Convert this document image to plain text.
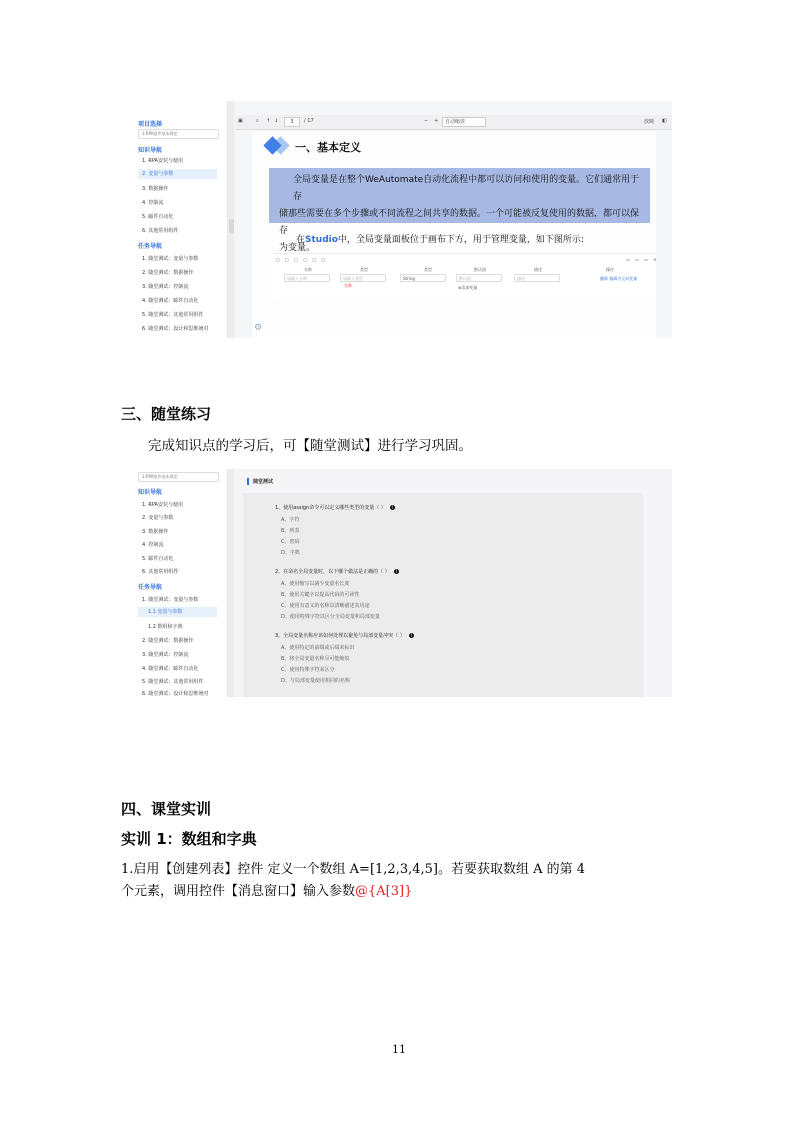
项目选择
3.RPA组件基本理论
知识导航
1. RPA安装与使用
2. 变量与参数
3. 数据操作
4. 控制流
5. 邮件自动化
6. 其他常用组件
任务导航
1. 随堂测试：变量与参数
2. 随堂测试：数据操作
3. 随堂测试：控制流
4. 随堂测试：邮件自动化
5. 随堂测试：其他常用组件
6. 随堂测试：设计和思维统对
▣	⌕ ↑ ↓	3	/ 17	− +	自动缩放	放映 ◧
一、基本定义
全局变量是在整个WeAutomate自动化流程中都可以访问和使用的变量。它们通常用于存
储那些需要在多个步骤或不同流程之间共享的数据。一个可能被反复使用的数据，都可以保存
为变量。
在Studio中，全局变量面板位于画布下方，用于管理变量，如下图所示:
▢ ▢ ▢ ▢ ▢ ▢	▭ ▭ ▭ ✕
名称	类型	类型	默认值	描述	操作
请输入名称	请输入类型	String	默认值	描述	删除 编辑为全局变量
名称	⊕ 添加变量
⚙
三、随堂练习
完成知识点的学习后，可【随堂测试】进行学习巩固。
3.RPA组件基本理论
知识导航
1. RPA安装与使用
2. 变量与参数
3. 数据操作
4. 控制流
5. 邮件自动化
6. 其他常用组件
任务导航
1. 随堂测试：变量与参数
1.1 变量与参数
1.2 数组和字典
2. 随堂测试：数据操作
3. 随堂测试：控制流
4. 随堂测试：邮件自动化
5. 随堂测试：其他常用组件
6. 随堂测试：设计和思维统对
随堂测试
1、使用assign命令可以定义哪些类型的变量（ ） ?
A、字符
B、列表
C、密码
D、字典
2、在命名全局变量时，以下哪个做法是正确的（ ） ?
A、使用缩写以减少变量名长度
B、使用关键字以提高代码的可读性
C、使用有意义的名称以清晰描述其用途
D、使用特殊字符以区分全局变量和局部变量
3、全局变量名称应该如何处理以避免与局部变量冲突（ ） ?
A、使用特定的前缀或后缀来标识
B、将全局变量名称尽可能缩短
C、使用特殊字符来区分
D、与局部变量使用相同的名称
四、课堂实训
实训 1：数组和字典
1.启用【创建列表】控件 定义一个数组 A=[1,2,3,4,5]。若要获取数组 A 的第 4
个元素，调用控件【消息窗口】输入参数@{A[3]}
11
